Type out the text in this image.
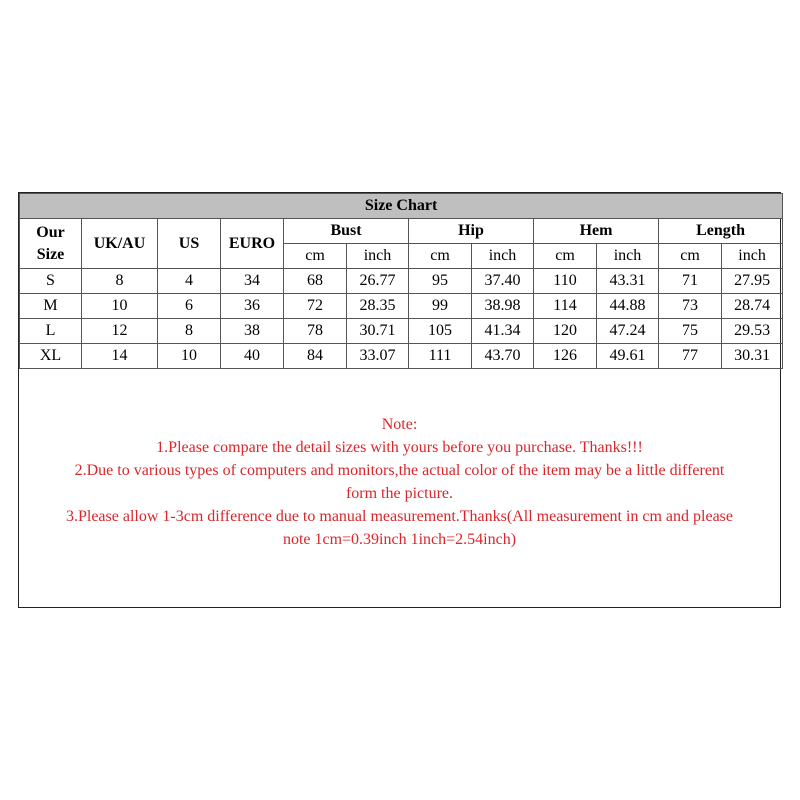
Size Chart											

Our
Size	UK/AU	US	EURO	Bust		Hip		Hem		Length	
				cm	inch	cm	inch	cm	inch	cm	inch
S	8	4	34	68	26.77	95	37.40	110	43.31	71	27.95
M	10	6	36	72	28.35	99	38.98	114	44.88	73	28.74
L	12	8	38	78	30.71	105	41.34	120	47.24	75	29.53
XL	14	10	40	84	33.07	111	43.70	126	49.61	77	30.31
Note:
1.Please compare the detail sizes with yours before you purchase. Thanks!!!
2.Due to various types of computers and monitors,the actual color of the item may be a little different
form the picture.
3.Please allow 1-3cm difference due to manual measurement.Thanks(All measurement in cm and please
note 1cm=0.39inch 1inch=2.54inch)
